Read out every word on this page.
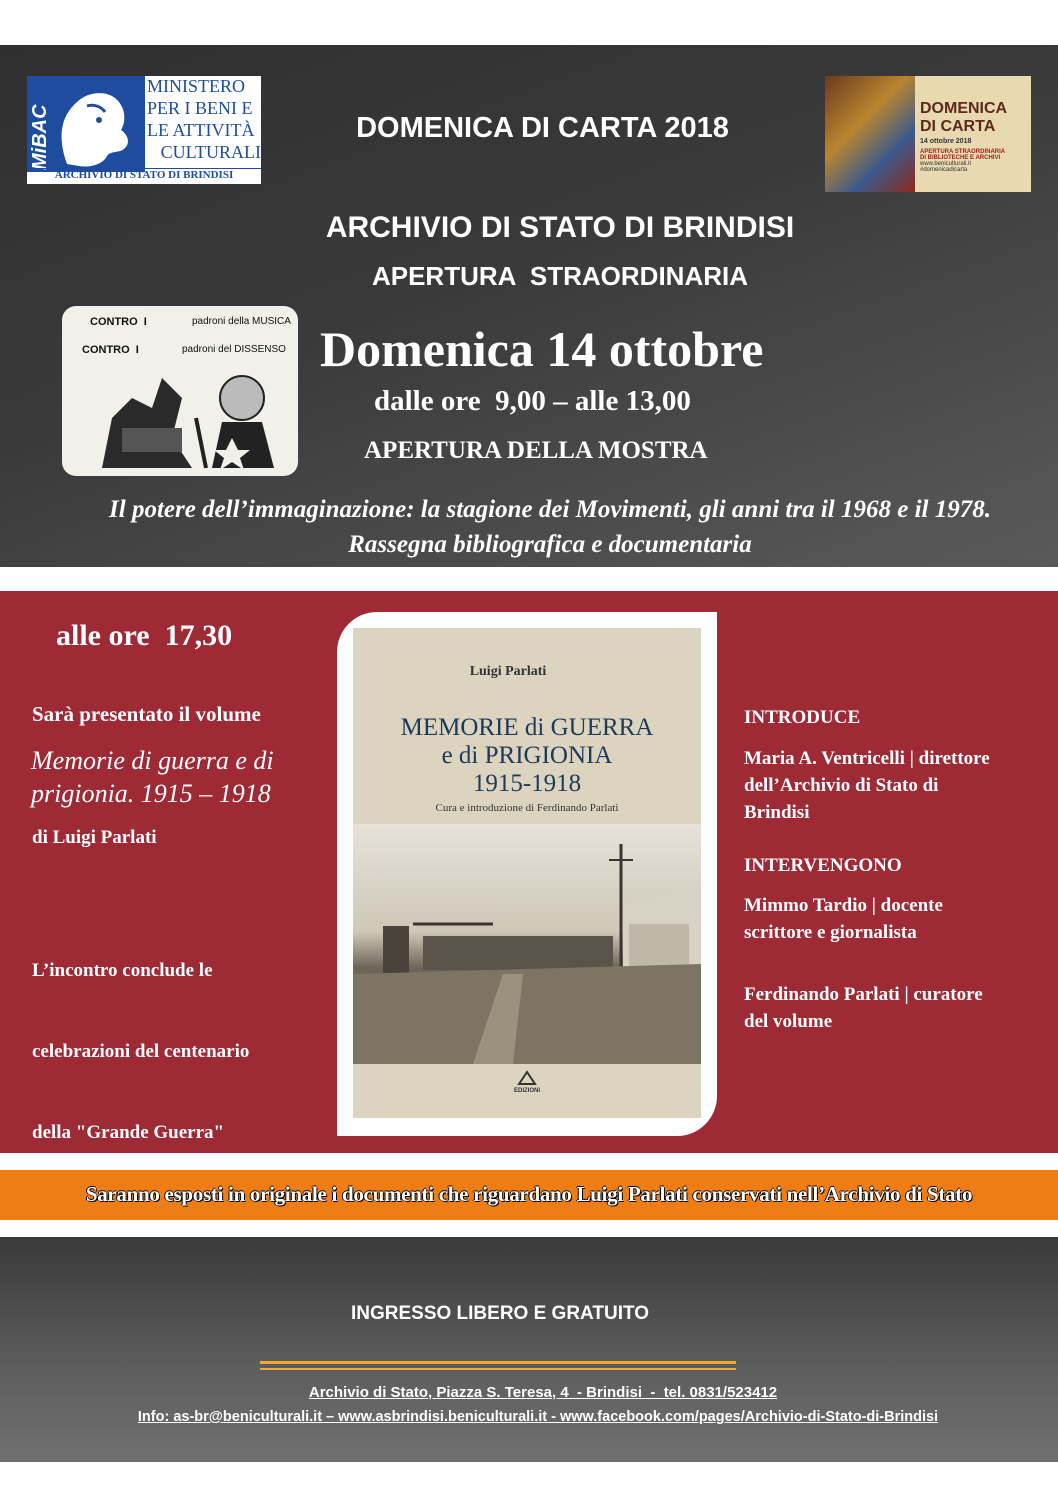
MiBAC
MINISTERO
PER I BENI E
LE ATTIVITÀ
CULTURALI
ARCHIVIO DI STATO DI BRINDISI
DOMENICA DI CARTA 2018
DOMENICA
DI CARTA
14 ottobre 2018
APERTURA STRAORDINARIA
DI BIBLIOTECHE E ARCHIVI
www.beniculturali.it
#domenicadicarta
ARCHIVIO DI STATO DI BRINDISI
APERTURA  STRAORDINARIA
CONTRO  I	padroni della MUSICA
CONTRO  I	padroni del DISSENSO Domenica 14 ottobre
dalle ore  9,00 – alle 13,00
APERTURA DELLA MOSTRA
Il potere dell’immaginazione: la stagione dei Movimenti, gli anni tra il 1968 e il 1978.
Rassegna bibliografica e documentaria
alle ore  17,30
Sarà presentato il volume
Memorie di guerra e di
prigionia. 1915 – 1918
di Luigi Parlati

L’incontro conclude le

celebrazioni del centenario

della "Grande Guerra"

Luigi Parlati
MEMORIE di GUERRA
e di PRIGIONIA
1915-1918
Cura e introduzione di Ferdinando Parlati
EDIZIONI
INTRODUCE
Maria A. Ventricelli | direttore
dell’Archivio di Stato di
Brindisi
INTERVENGONO
Mimmo Tardio | docente
scrittore e giornalista
Ferdinando Parlati | curatore
del volume
Saranno esposti in originale i documenti che riguardano Luigi Parlati conservati nell’Archivio di Stato
INGRESSO LIBERO E GRATUITO
Archivio di Stato, Piazza S. Teresa, 4  - Brindisi  -  tel. 0831/523412
Info: as-br@beniculturali.it – www.asbrindisi.beniculturali.it - www.facebook.com/pages/Archivio-di-Stato-di-Brindisi
